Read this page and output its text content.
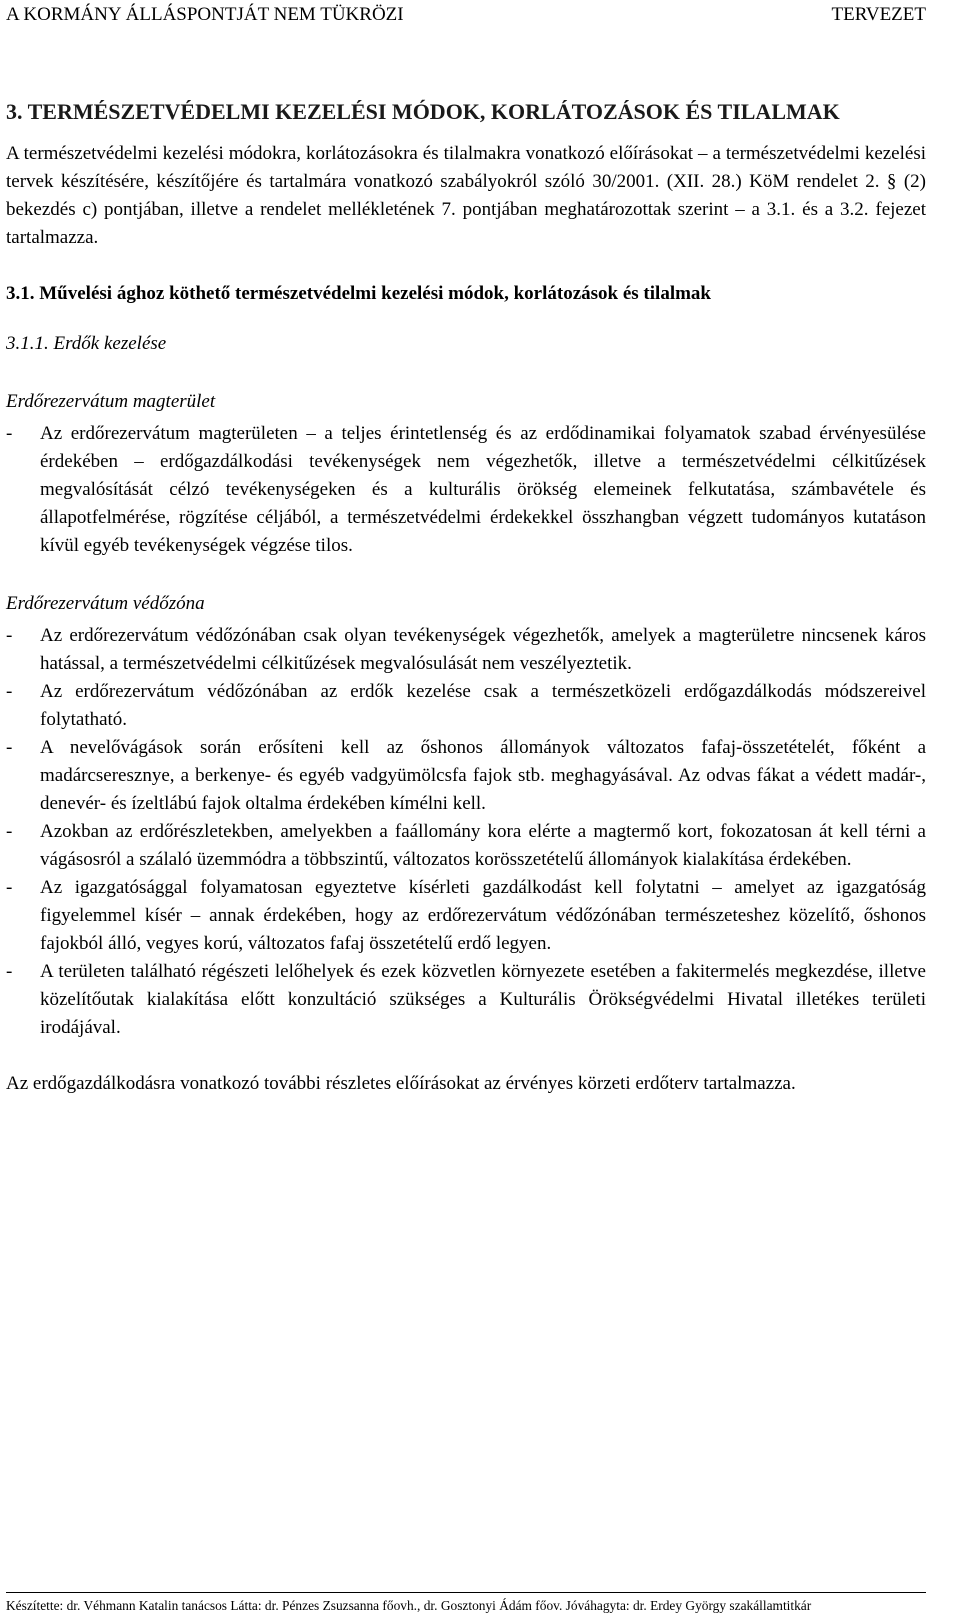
A KORMÁNY ÁLLÁSPONTJÁT NEM TÜKRÖZI	TERVEZET
3. TERMÉSZETVÉDELMI KEZELÉSI MÓDOK, KORLÁTOZÁSOK ÉS TILALMAK

A természetvédelmi kezelési módokra, korlátozásokra és tilalmakra vonatkozó előírásokat – a természetvédelmi kezelési tervek készítésére, készítőjére és tartalmára vonatkozó szabályokról szóló 30/2001. (XII. 28.) KöM rendelet 2. § (2) bekezdés c) pontjában, illetve a rendelet mellékletének 7. pontjában meghatározottak szerint – a 3.1. és a 3.2. fejezet tartalmazza.

3.1. Művelési ághoz köthető természetvédelmi kezelési módok, korlátozások és tilalmak

3.1.1. Erdők kezelése

Erdőrezervátum magterület

- Az erdőrezervátum magterületen – a teljes érintetlenség és az erdődinamikai folyamatok szabad érvényesülése érdekében – erdőgazdálkodási tevékenységek nem végezhetők, illetve a természetvédelmi célkitűzések megvalósítását célzó tevékenységeken és a kulturális örökség elemeinek felkutatása, számbavétele és állapotfelmérése, rögzítése céljából, a természetvédelmi érdekekkel összhangban végzett tudományos kutatáson kívül egyéb tevékenységek végzése tilos.

Erdőrezervátum védőzóna

- Az erdőrezervátum védőzónában csak olyan tevékenységek végezhetők, amelyek a magterületre nincsenek káros hatással, a természetvédelmi célkitűzések megvalósulását nem veszélyeztetik.
- Az erdőrezervátum védőzónában az erdők kezelése csak a természetközeli erdőgazdálkodás módszereivel folytatható.
- A nevelővágások során erősíteni kell az őshonos állományok változatos fafaj-összetételét, főként a madárcseresznye, a berkenye- és egyéb vadgyümölcsfa fajok stb. meghagyásával. Az odvas fákat a védett madár-, denevér- és ízeltlábú fajok oltalma érdekében kímélni kell.
- Azokban az erdőrészletekben, amelyekben a faállomány kora elérte a magtermő kort, fokozatosan át kell térni a vágásosról a szálaló üzemmódra a többszintű, változatos korösszetételű állományok kialakítása érdekében.
- Az igazgatósággal folyamatosan egyeztetve kísérleti gazdálkodást kell folytatni – amelyet az igazgatóság figyelemmel kísér – annak érdekében, hogy az erdőrezervátum védőzónában természeteshez közelítő, őshonos fajokból álló, vegyes korú, változatos fafaj összetételű erdő legyen.
- A területen található régészeti lelőhelyek és ezek közvetlen környezete esetében a fakitermelés megkezdése, illetve közelítőutak kialakítása előtt konzultáció szükséges a Kulturális Örökségvédelmi Hivatal illetékes területi irodájával.

Az erdőgazdálkodásra vonatkozó további részletes előírásokat az érvényes körzeti erdőterv tartalmazza.

Készítette: dr. Véhmann Katalin tanácsos Látta: dr. Pénzes Zsuzsanna főovh., dr. Gosztonyi Ádám főov. Jóváhagyta: dr. Erdey György szakállamtitkár
